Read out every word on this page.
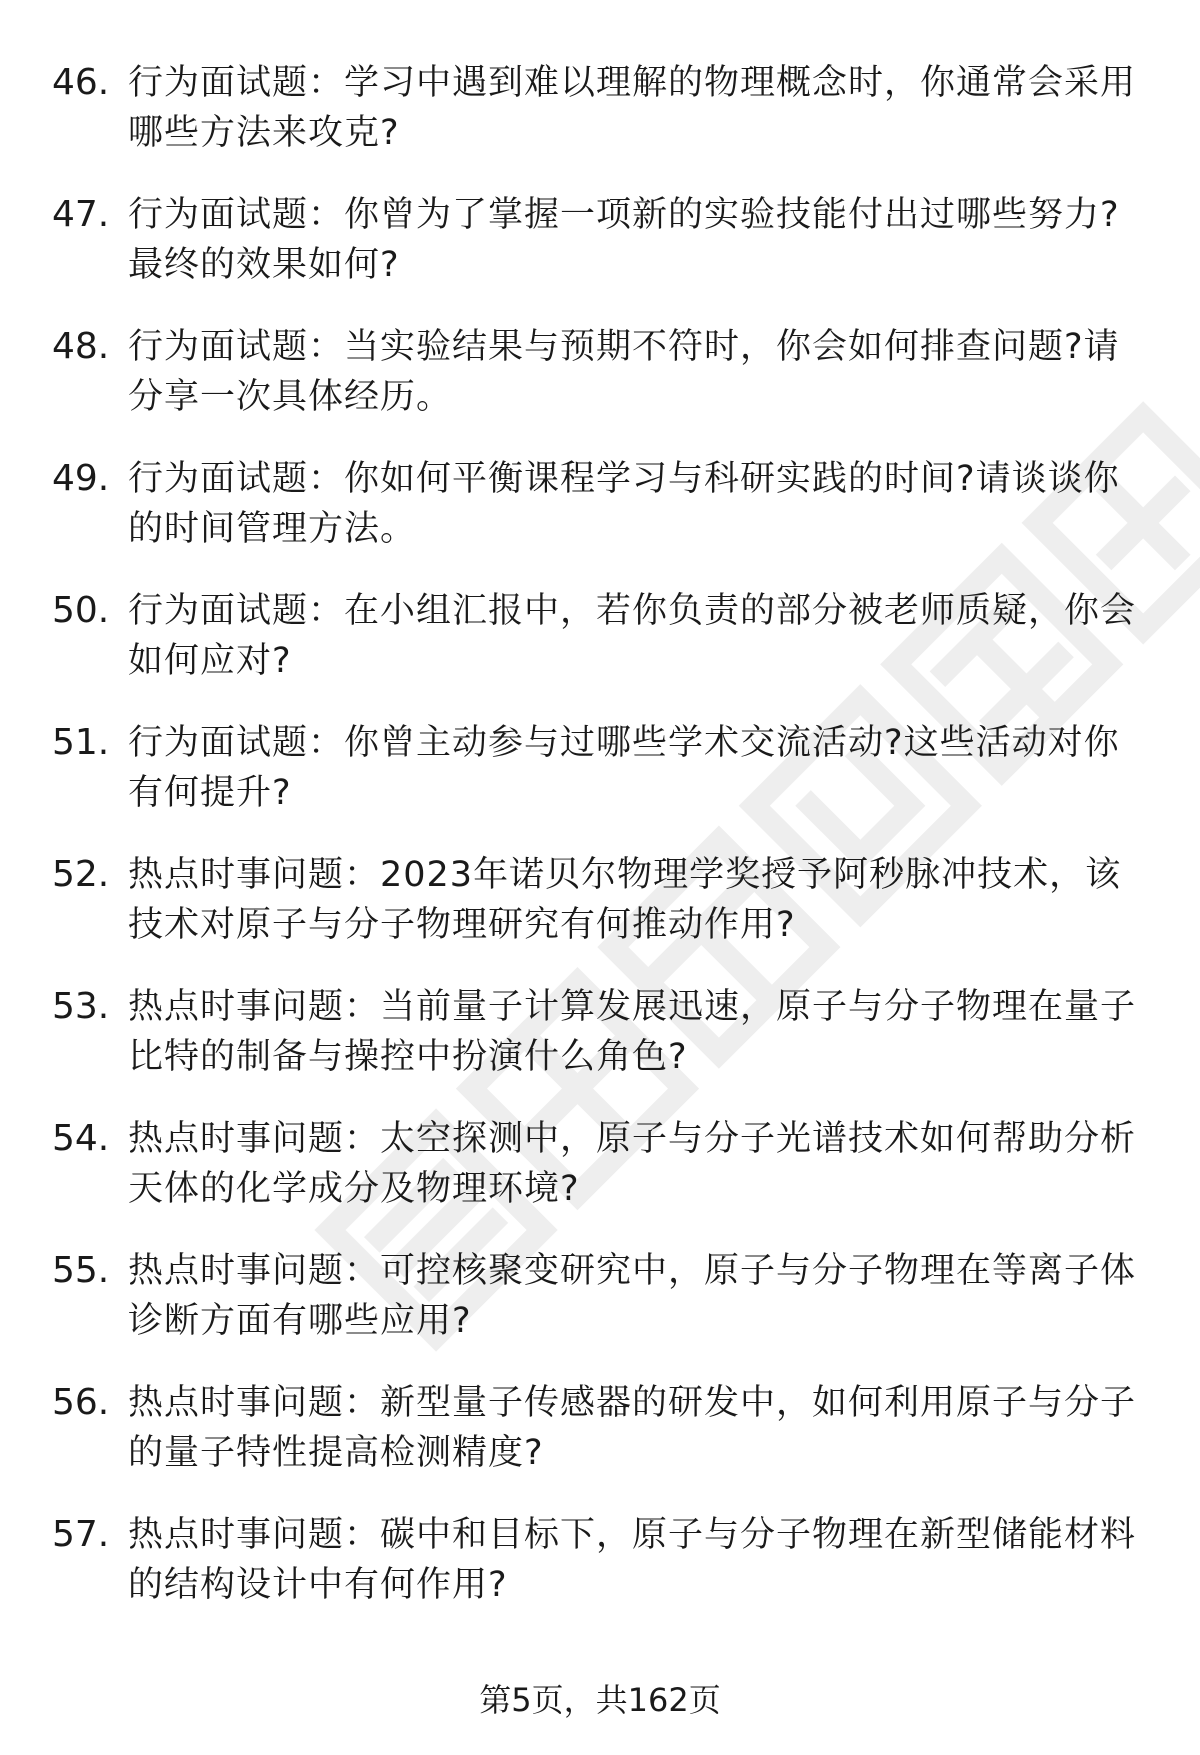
46. 行为面试题：学习中遇到难以理解的物理概念时，你通常会采用哪些方法来攻克?
47. 行为面试题：你曾为了掌握一项新的实验技能付出过哪些努力?最终的效果如何?
48. 行为面试题：当实验结果与预期不符时，你会如何排查问题?请分享一次具体经历。
49. 行为面试题：你如何平衡课程学习与科研实践的时间?请谈谈你的时间管理方法。
50. 行为面试题：在小组汇报中，若你负责的部分被老师质疑，你会如何应对?
51. 行为面试题：你曾主动参与过哪些学术交流活动?这些活动对你有何提升?
52. 热点时事问题：2023年诺贝尔物理学奖授予阿秒脉冲技术，该技术对原子与分子物理研究有何推动作用?
53. 热点时事问题：当前量子计算发展迅速，原子与分子物理在量子比特的制备与操控中扮演什么角色?
54. 热点时事问题：太空探测中，原子与分子光谱技术如何帮助分析天体的化学成分及物理环境?
55. 热点时事问题：可控核聚变研究中，原子与分子物理在等离子体诊断方面有哪些应用?
56. 热点时事问题：新型量子传感器的研发中，如何利用原子与分子的量子特性提高检测精度?
57. 热点时事问题：碳中和目标下，原子与分子物理在新型储能材料的结构设计中有何作用?
第5页，共162页
